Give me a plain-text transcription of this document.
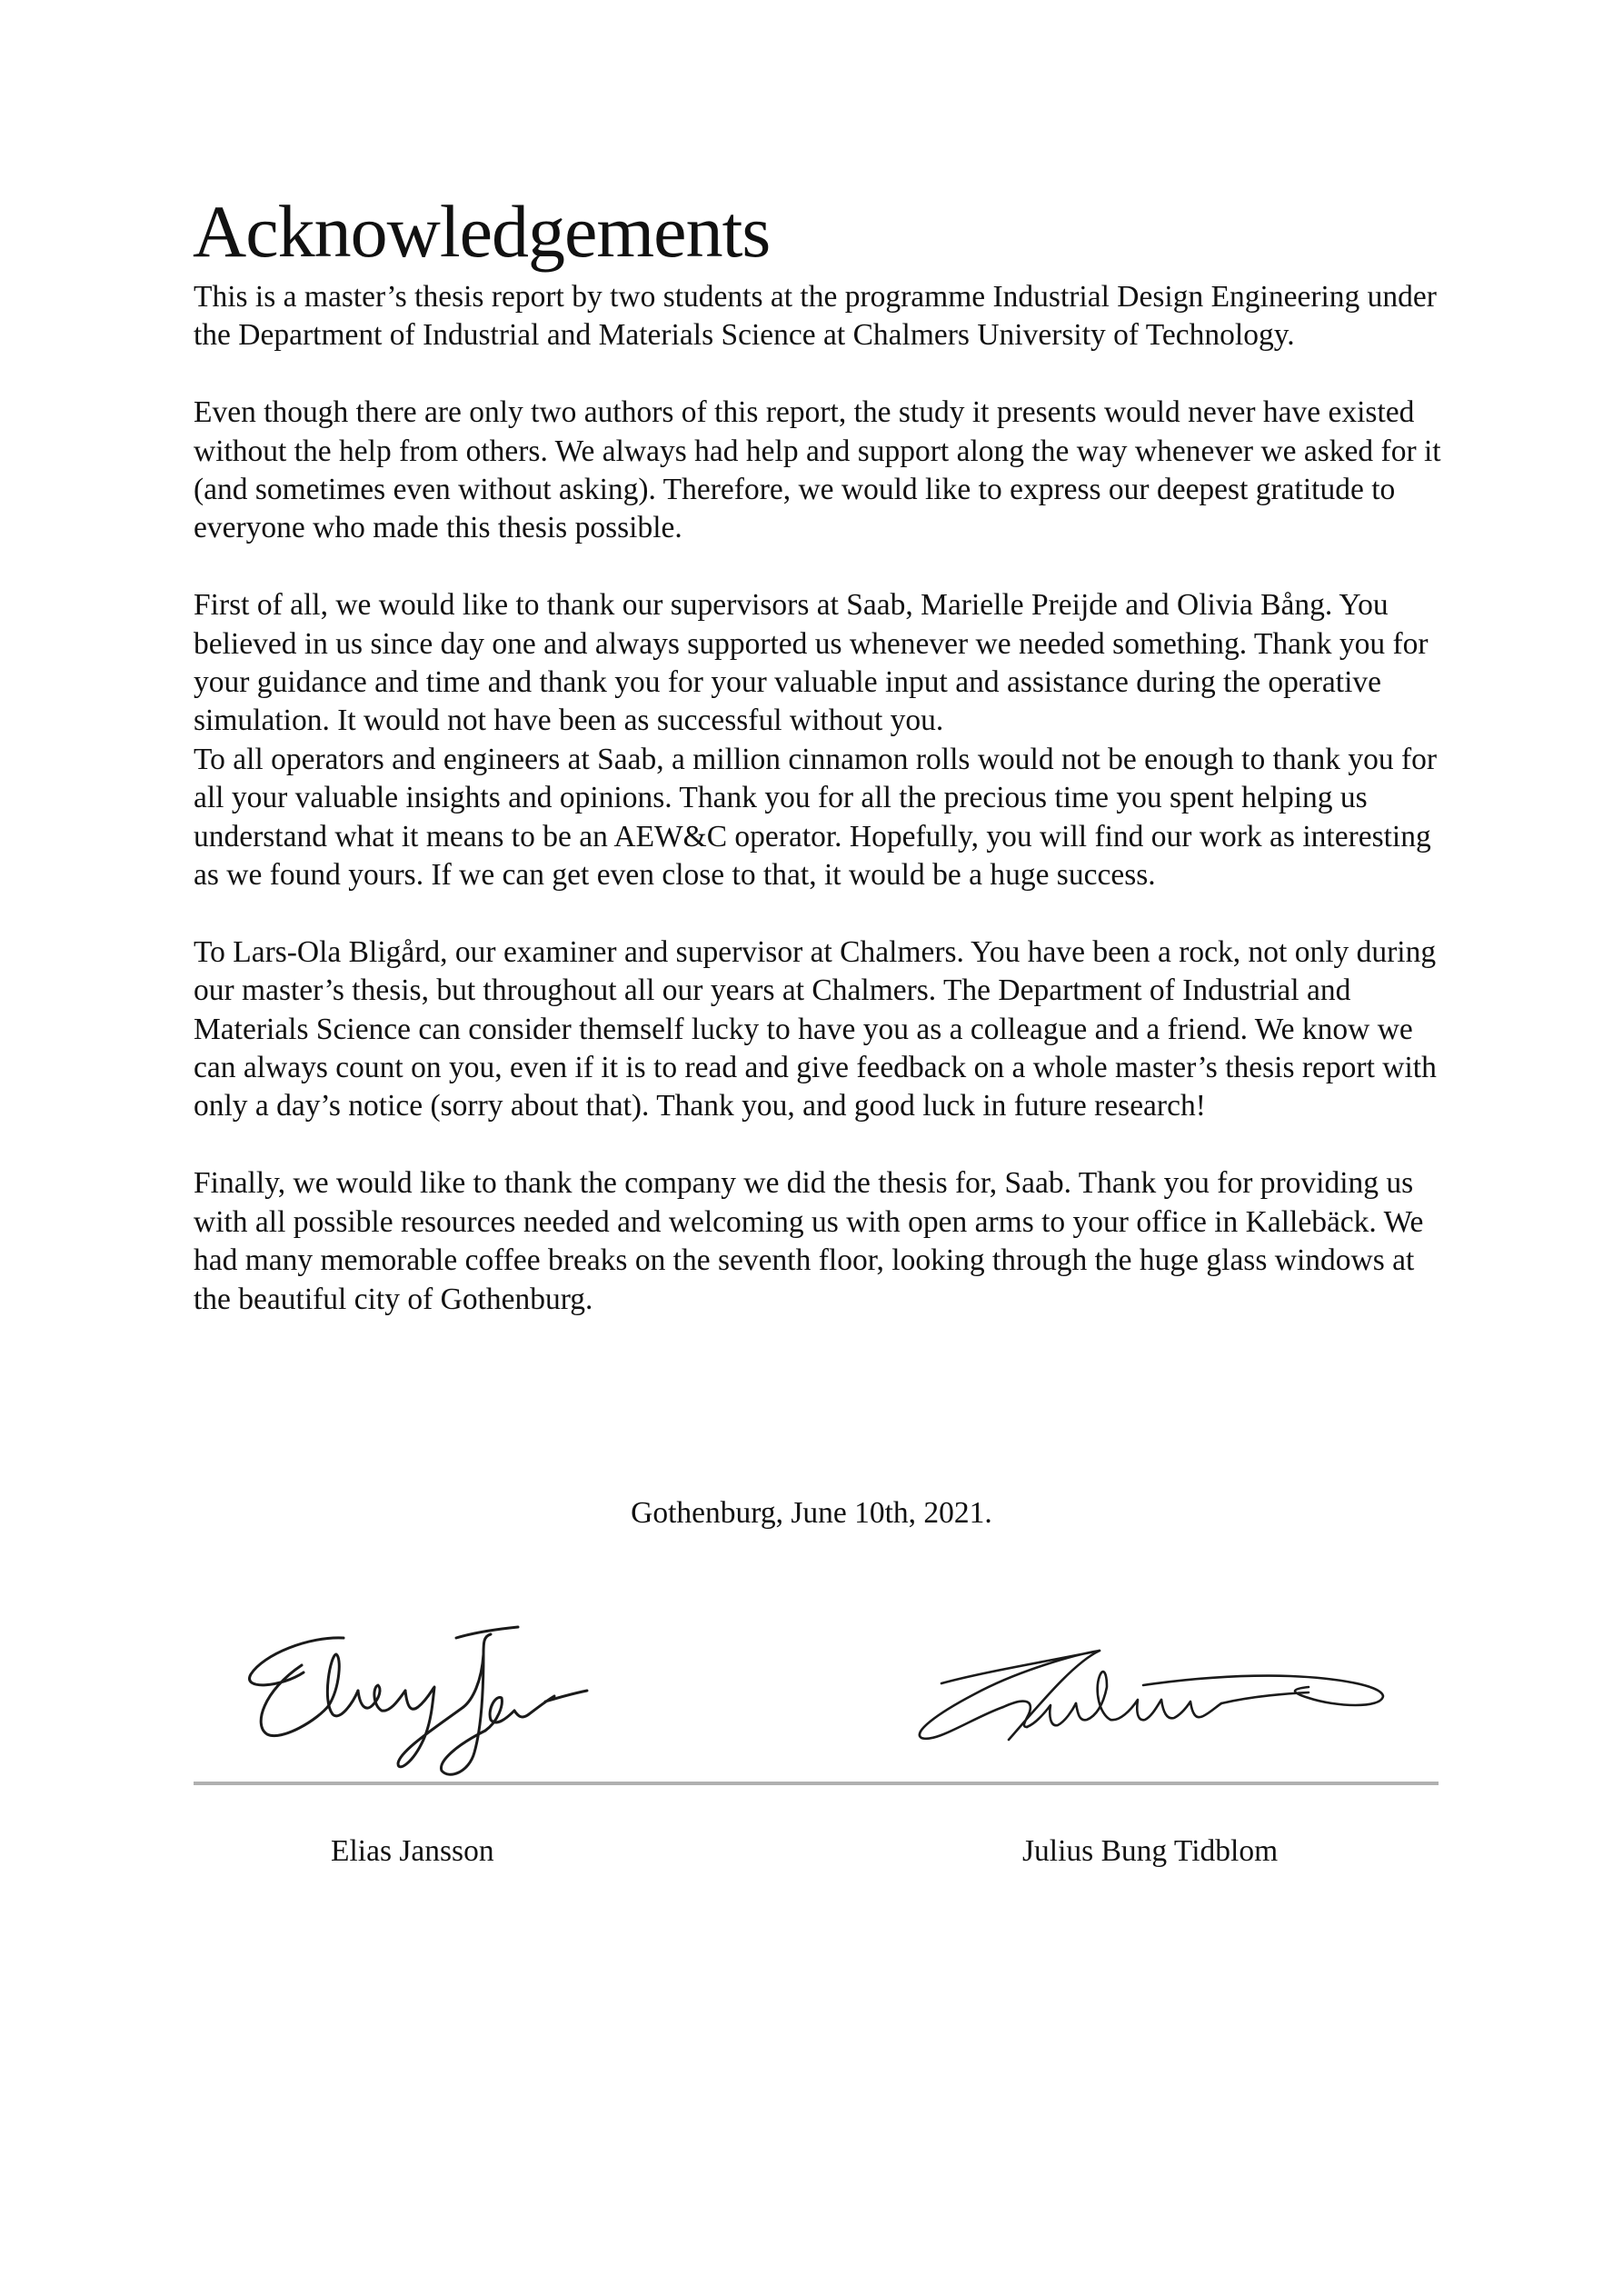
Acknowledgements

This is a master’s thesis report by two students at the programme Industrial Design Engineering under the Department of Industrial and Materials Science at Chalmers University of Technology.

Even though there are only two authors of this report, the study it presents would never have existed without the help from others. We always had help and support along the way whenever we asked for it (and sometimes even without asking). Therefore, we would like to express our deepest gratitude to everyone who made this thesis possible.

First of all, we would like to thank our supervisors at Saab, Marielle Preijde and Olivia Bång. You believed in us since day one and always supported us whenever we needed something. Thank you for your guidance and time and thank you for your valuable input and assistance during the operative simulation. It would not have been as successful without you.

To all operators and engineers at Saab, a million cinnamon rolls would not be enough to thank you for all your valuable insights and opinions. Thank you for all the precious time you spent helping us understand what it means to be an AEW&C operator. Hopefully, you will find our work as interesting as we found yours. If we can get even close to that, it would be a huge success.

To Lars-Ola Bligård, our examiner and supervisor at Chalmers. You have been a rock, not only during our master’s thesis, but throughout all our years at Chalmers. The Department of Industrial and Materials Science can consider themself lucky to have you as a colleague and a friend. We know we can always count on you, even if it is to read and give feedback on a whole master’s thesis report with only a day’s notice (sorry about that). Thank you, and good luck in future research!

Finally, we would like to thank the company we did the thesis for, Saab. Thank you for providing us with all possible resources needed and welcoming us with open arms to your office in Kallebäck. We had many memorable coffee breaks on the seventh floor, looking through the huge glass windows at the beautiful city of Gothenburg.

Gothenburg, June 10th, 2021.
Elias Jansson	Julius Bung Tidblom
